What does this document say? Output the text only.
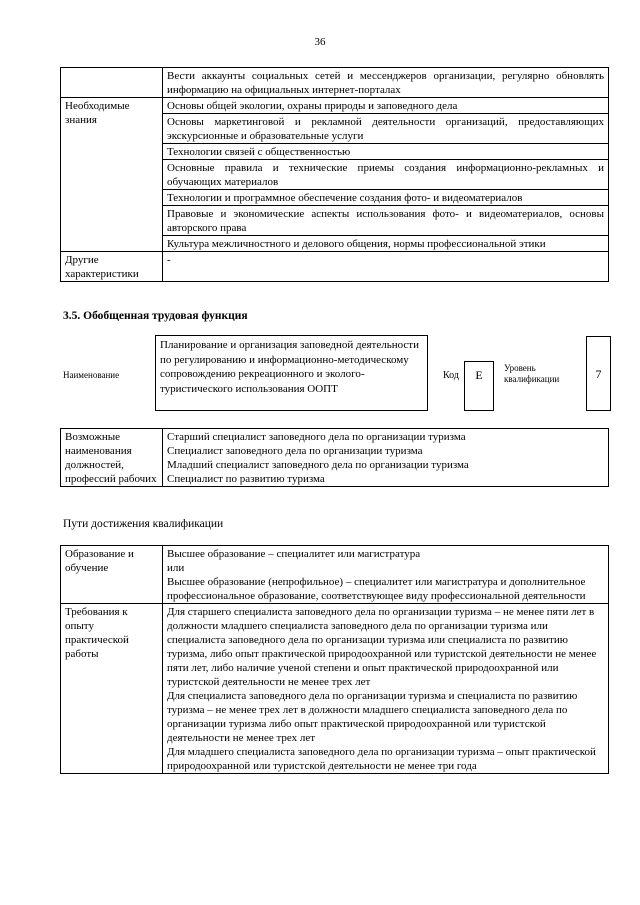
36
	Вести аккаунты социальных сетей и мессенджеров организации, регулярно обновлять информацию на официальных интернет-порталах
Необходимые знания	Основы общей экологии, охраны природы и заповедного дела
	Основы маркетинговой и рекламной деятельности организаций, предоставляющих экскурсионные и образовательные услуги
	Технологии связей с общественностью
	Основные правила и технические приемы создания информационно-рекламных и обучающих материалов
	Технологии и программное обеспечение создания фото- и видеоматериалов
	Правовые и экономические аспекты использования фото- и видеоматериалов, основы авторского права
	Культура межличностного и делового общения, нормы профессиональной этики
Другие характеристики	-
3.5. Обобщенная трудовая функция
Наименование
Планирование и организация заповедной деятельности по регулированию и информационно-методическому сопровождению рекреационного и эколого-туристического использования ООПТ
Код	E	Уровень квалификации	7
Возможные наименования должностей, профессий рабочих	
Старший специалист заповедного дела по организации туризма
Специалист заповедного дела по организации туризма
Младший специалист заповедного дела по организации туризма
Специалист по развитию туризма
Пути достижения квалификации
Образование и обучение	Высшее образование – специалитет или магистратура
или
Высшее образование (непрофильное) – специалитет или магистратура и дополнительное профессиональное образование, соответствующее виду профессиональной деятельности

Требования к опыту практической работы	Для старшего специалиста заповедного дела по организации туризма – не менее пяти лет в должности младшего специалиста заповедного дела по организации туризма или специалиста заповедного дела по организации туризма или специалиста по развитию туризма, либо опыт практической природоохранной или туристской деятельности не менее пяти лет, либо наличие ученой степени и опыт практической природоохранной или туристской деятельности не менее трех лет
Для специалиста заповедного дела по организации туризма и специалиста по развитию туризма – не менее трех лет в должности младшего специалиста заповедного дела по организации туризма либо опыт практической природоохранной или туристской деятельности не менее трех лет
Для младшего специалиста заповедного дела по организации туризма – опыт практической природоохранной или туристской деятельности не менее три года
